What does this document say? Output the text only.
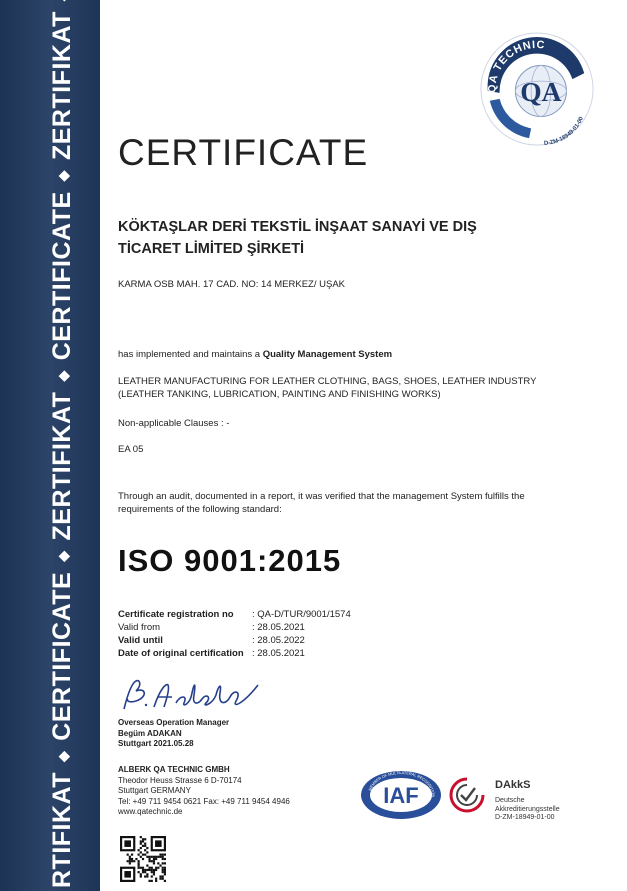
RTIFIKAT◆CERTIFICATE◆ZERTIFIKAT◆CERTIFICATE◆ZERTIFIKAT	QA TECHNIC
QA
D-ZM-18949-01-00
CERTIFICATE
KÖKTAŞLAR DERİ TEKSTİL İNŞAAT SANAYİ VE DIŞ
TİCARET LİMİTED ŞİRKETİ
KARMA OSB MAH. 17 CAD. NO: 14 MERKEZ/ UŞAK
has implemented and maintains a Quality Management System
LEATHER MANUFACTURING FOR LEATHER CLOTHING, BAGS, SHOES, LEATHER INDUSTRY
(LEATHER TANKING, LUBRICATION, PAINTING AND FINISHING WORKS)
Non-applicable Clauses : -
EA 05
Through an audit, documented in a report, it was verified that the management System fulfills the
requirements of the following standard:
ISO 9001:2015
Certificate registration no	: QA-D/TUR/9001/1574
Valid from	: 28.05.2021
Valid until	: 28.05.2022
Date of original certification : 28.05.2021
Overseas Operation Manager
Begüm ADAKAN
Stuttgart 2021.05.28
ALBERK QA TECHNIC GMBH
Theodor Heuss Strasse 6 D-70174
Stuttgart GERMANY
Tel: +49 711 9454 0621 Fax: +49 711 9454 4946
www.qatechnic.de
MEMBER OF MULTILATERAL RECOGNITION
IAF	DAkkS
Deutsche
Akkreditierungsstelle
D-ZM-18949-01-00
